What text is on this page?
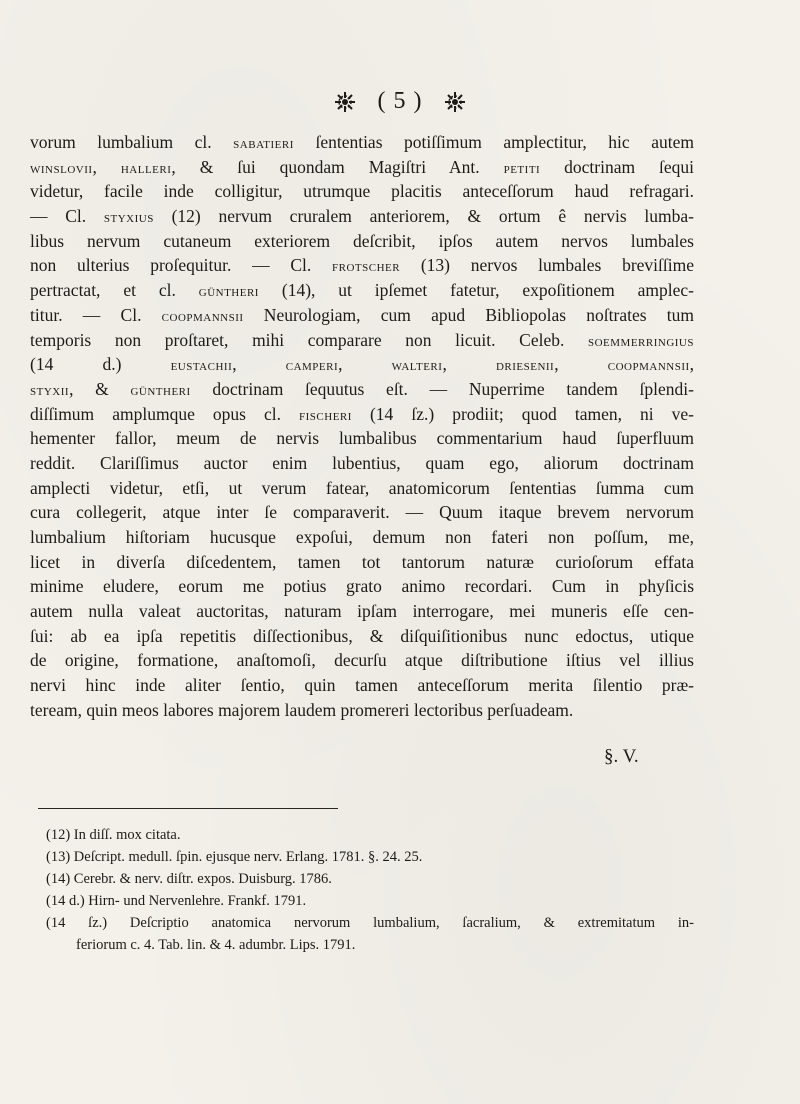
( 5 )
vorum lumbalium cl. sabatieri ſententias potiſſimum amplectitur, hic autem
winslovii, halleri, & ſui quondam Magiſtri Ant. petiti doctrinam ſequi
videtur, facile inde colligitur, utrumque placitis anteceſſorum haud refragari.
— Cl. styxius (12) nervum cruralem anteriorem, & ortum ê nervis lumba-
libus nervum cutaneum exteriorem deſcribit, ipſos autem nervos lumbales
non ulterius proſequitur. — Cl. frotscher (13) nervos lumbales breviſſime
pertractat, et cl. güntheri (14), ut ipſemet fatetur, expoſitionem amplec-
titur. — Cl. coopmannsii Neurologiam, cum apud Bibliopolas noſtrates tum
temporis non proſtaret, mihi comparare non licuit. Celeb. soemmerringius
(14 d.) eustachii, camperi, walteri, driesenii, coopmannsii,
styxii, & güntheri doctrinam ſequutus eſt. — Nuperrime tandem ſplendi-
diſſimum amplumque opus cl. fischeri (14 ſz.) prodiit; quod tamen, ni ve-
hementer fallor, meum de nervis lumbalibus commentarium haud ſuperfluum
reddit. Clariſſimus auctor enim lubentius, quam ego, aliorum doctrinam
amplecti videtur, etſi, ut verum fatear, anatomicorum ſententias ſumma cum
cura collegerit, atque inter ſe comparaverit. — Quum itaque brevem nervorum
lumbalium hiſtoriam hucusque expoſui, demum non fateri non poſſum, me,
licet in diverſa diſcedentem, tamen tot tantorum naturæ curioſorum effata
minime eludere, eorum me potius grato animo recordari. Cum in phyſicis
autem nulla valeat auctoritas, naturam ipſam interrogare, mei muneris eſſe cen-
ſui: ab ea ipſa repetitis diſſectionibus, & diſquiſitionibus nunc edoctus, utique
de origine, formatione, anaſtomoſi, decurſu atque diſtributione iſtius vel illius
nervi hinc inde aliter ſentio, quin tamen anteceſſorum merita ſilentio præ-
teream, quin meos labores majorem laudem promereri lectoribus perſuadeam.
§. V.
(12) In diſſ. mox citata.
(13) Deſcript. medull. ſpin. ejusque nerv. Erlang. 1781. §. 24. 25.
(14) Cerebr. & nerv. diſtr. expos. Duisburg. 1786.
(14 d.) Hirn- und Nervenlehre. Frankf. 1791.
(14 ſz.) Deſcriptio anatomica nervorum lumbalium, ſacralium, & extremitatum in-
feriorum c. 4. Tab. lin. & 4. adumbr. Lips. 1791.
